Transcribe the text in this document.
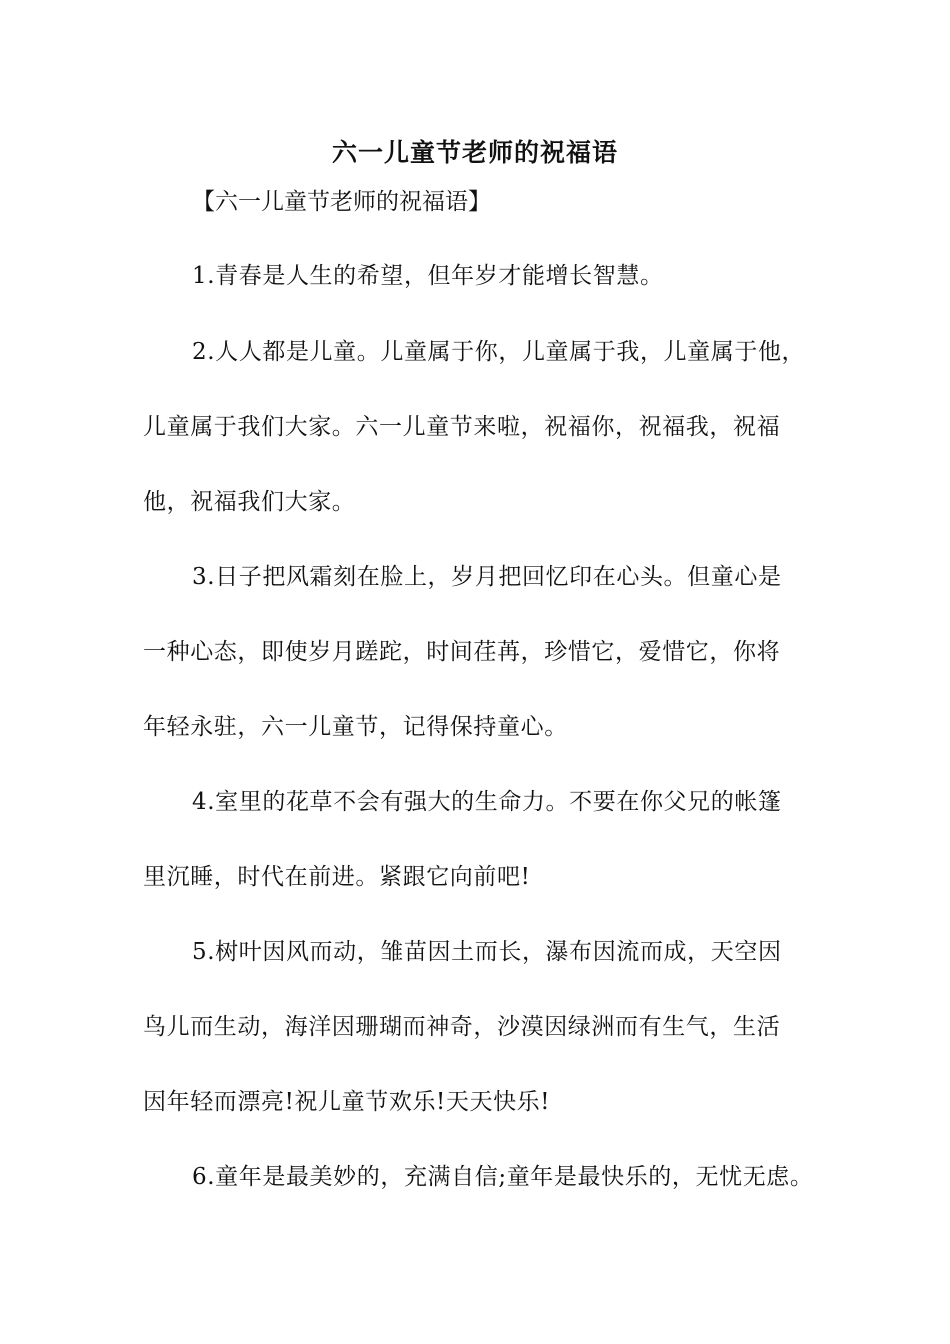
六一儿童节老师的祝福语
【六一儿童节老师的祝福语】
1.青春是人生的希望，但年岁才能增长智慧。
2.人人都是儿童。儿童属于你，儿童属于我，儿童属于他，
儿童属于我们大家。六一儿童节来啦，祝福你，祝福我，祝福
他，祝福我们大家。
3.日子把风霜刻在脸上，岁月把回忆印在心头。但童心是
一种心态，即使岁月蹉跎，时间荏苒，珍惜它，爱惜它，你将
年轻永驻，六一儿童节，记得保持童心。
4.室里的花草不会有强大的生命力。不要在你父兄的帐篷
里沉睡，时代在前进。紧跟它向前吧!
5.树叶因风而动，雏苗因土而长，瀑布因流而成，天空因
鸟儿而生动，海洋因珊瑚而神奇，沙漠因绿洲而有生气，生活
因年轻而漂亮!祝儿童节欢乐!天天快乐!
6.童年是最美妙的，充满自信;童年是最快乐的，无忧无虑。
